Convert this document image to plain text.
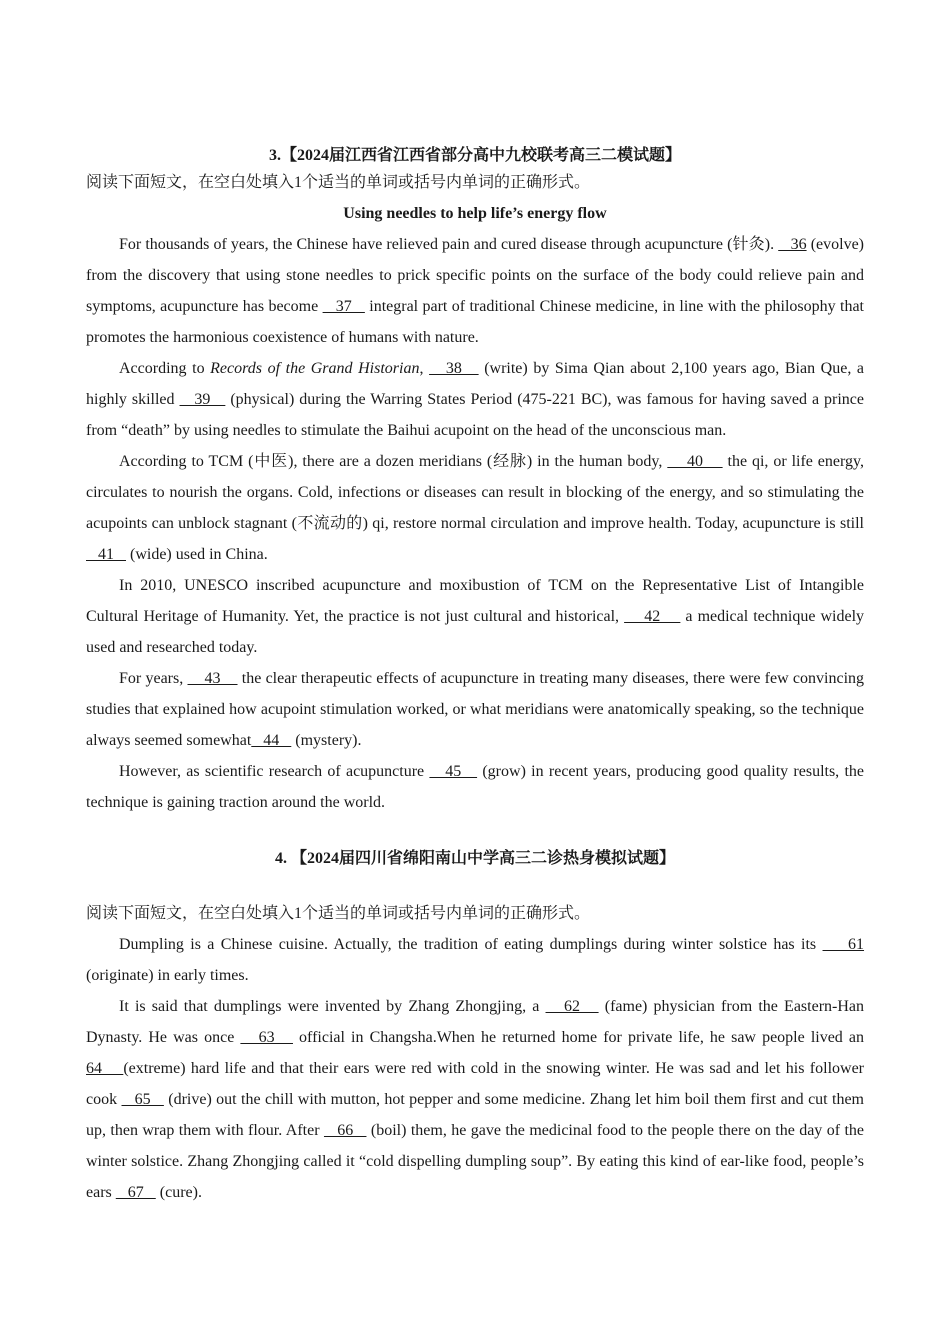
3.【2024届江西省江西省部分高中九校联考高三二模试题】

阅读下面短文，在空白处填入1个适当的单词或括号内单词的正确形式。

Using needles to help life’s energy flow

For thousands of years, the Chinese have relieved pain and cured disease through acupuncture (针灸).    36 (evolve) from the discovery that using stone needles to prick specific points on the surface of the body could relieve pain and symptoms, acupuncture has become    37    integral part of traditional Chinese medicine, in line with the philosophy that promotes the harmonious coexistence of humans with nature.

According to Records of the Grand Historian,    38    (write) by Sima Qian about 2,100 years ago, Bian Que, a highly skilled    39    (physical) during the Warring States Period (475-221 BC), was famous for having saved a prince from “death” by using needles to stimulate the Baihui acupoint on the head of the unconscious man.

According to TCM (中医), there are a dozen meridians (经脉) in the human body,     40     the qi, or life energy, circulates to nourish the organs. Cold, infections or diseases can result in blocking of the energy, and so stimulating the acupoints can unblock stagnant (不流动的) qi, restore normal circulation and improve health. Today, acupuncture is still    41    (wide) used in China.

In 2010, UNESCO inscribed acupuncture and moxibustion of TCM on the Representative List of Intangible Cultural Heritage of Humanity. Yet, the practice is not just cultural and historical,     42     a medical technique widely used and researched today.

For years,     43     the clear therapeutic effects of acupuncture in treating many diseases, there were few convincing studies that explained how acupoint stimulation worked, or what meridians were anatomically speaking, so the technique always seemed somewhat   44    (mystery).

However, as scientific research of acupuncture    45    (grow) in recent years, producing good quality results, the technique is gaining traction around the world.

4. 【2024届四川省绵阳南山中学高三二诊热身模拟试题】

阅读下面短文，在空白处填入1个适当的单词或括号内单词的正确形式。

Dumpling is a Chinese cuisine. Actually, the tradition of eating dumplings during winter solstice has its     61 (originate) in early times.

It is said that dumplings were invented by Zhang Zhongjing, a    62    (fame) physician from the Eastern-Han Dynasty. He was once    63    official in Changsha.When he returned home for private life, he saw people lived an 64    (extreme) hard life and that their ears were red with cold in the snowing winter. He was sad and let his follower cook    65    (drive) out the chill with mutton, hot pepper and some medicine. Zhang let him boil them first and cut them up, then wrap them with flour. After    66    (boil) them, he gave the medicinal food to the people there on the day of the winter solstice. Zhang Zhongjing called it “cold dispelling dumpling soup”. By eating this kind of ear-like food, people’s ears    67    (cure).
